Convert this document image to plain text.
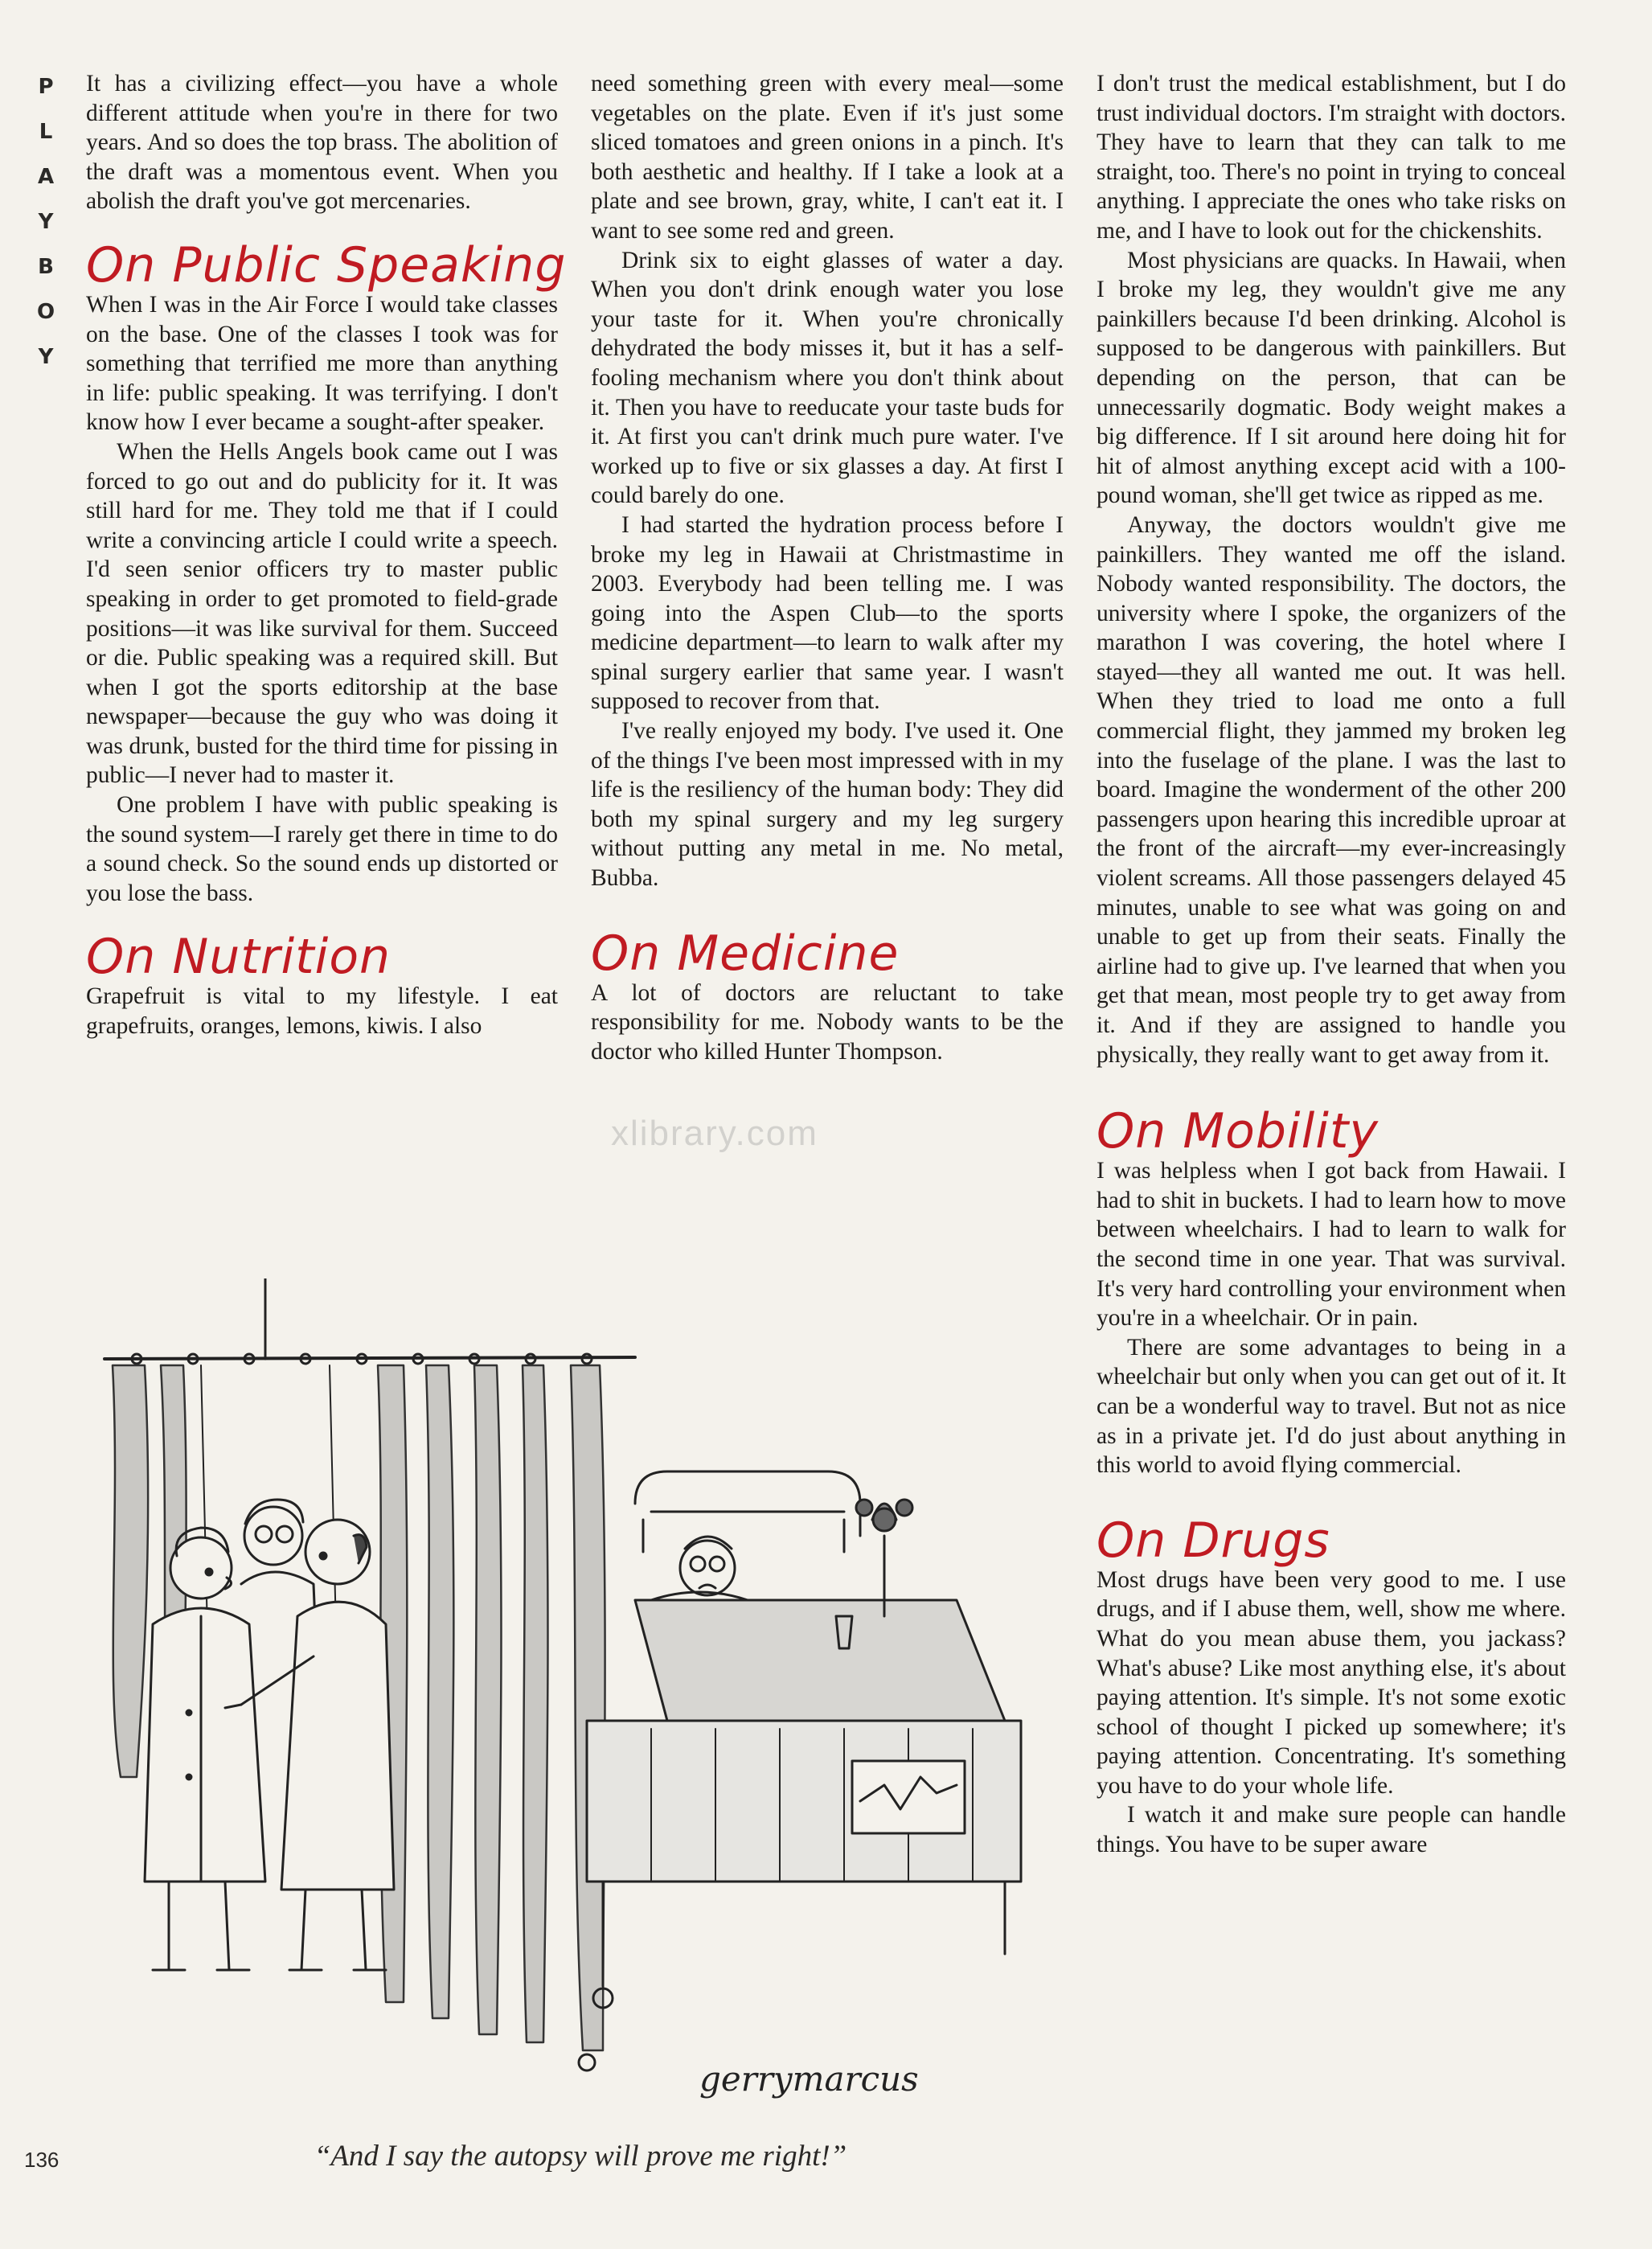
P
L
A
Y
B
O
Y

It has a civilizing effect—you have a whole different attitude when you're in there for two years. And so does the top brass. The abolition of the draft was a momentous event. When you abolish the draft you've got mercenaries.

On Public Speaking

When I was in the Air Force I would take classes on the base. One of the classes I took was for something that terrified me more than anything in life: public speaking. It was terrifying. I don't know how I ever became a sought-after speaker.

When the Hells Angels book came out I was forced to go out and do publicity for it. It was still hard for me. They told me that if I could write a convincing article I could write a speech. I'd seen senior officers try to master public speaking in order to get promoted to field-grade positions—it was like survival for them. Succeed or die. Public speaking was a required skill. But when I got the sports editorship at the base newspaper—because the guy who was doing it was drunk, busted for the third time for pissing in public—I never had to master it.

One problem I have with public speaking is the sound system—I rarely get there in time to do a sound check. So the sound ends up distorted or you lose the bass.

On Nutrition

Grapefruit is vital to my lifestyle. I eat grapefruits, oranges, lemons, kiwis. I also

need something green with every meal—some vegetables on the plate. Even if it's just some sliced tomatoes and green onions in a pinch. It's both aesthetic and healthy. If I take a look at a plate and see brown, gray, white, I can't eat it. I want to see some red and green.

Drink six to eight glasses of water a day. When you don't drink enough water you lose your taste for it. When you're chronically dehydrated the body misses it, but it has a self-fooling mechanism where you don't think about it. Then you have to reeducate your taste buds for it. At first you can't drink much pure water. I've worked up to five or six glasses a day. At first I could barely do one.

I had started the hydration process before I broke my leg in Hawaii at Christmastime in 2003. Everybody had been telling me. I was going into the Aspen Club—to the sports medicine department—to learn to walk after my spinal surgery earlier that same year. I wasn't supposed to recover from that.

I've really enjoyed my body. I've used it. One of the things I've been most impressed with in my life is the resiliency of the human body: They did both my spinal surgery and my leg surgery without putting any metal in me. No metal, Bubba.

On Medicine

A lot of doctors are reluctant to take responsibility for me. Nobody wants to be the doctor who killed Hunter Thompson.

I don't trust the medical establishment, but I do trust individual doctors. I'm straight with doctors. They have to learn that they can talk to me straight, too. There's no point in trying to conceal anything. I appreciate the ones who take risks on me, and I have to look out for the chickenshits.

Most physicians are quacks. In Hawaii, when I broke my leg, they wouldn't give me any painkillers because I'd been drinking. Alcohol is supposed to be dangerous with painkillers. But depending on the person, that can be unnecessarily dogmatic. Body weight makes a big difference. If I sit around here doing hit for hit of almost anything except acid with a 100-pound woman, she'll get twice as ripped as me.

Anyway, the doctors wouldn't give me painkillers. They wanted me off the island. Nobody wanted responsibility. The doctors, the university where I spoke, the organizers of the marathon I was covering, the hotel where I stayed—they all wanted me out. It was hell. When they tried to load me onto a full commercial flight, they jammed my broken leg into the fuselage of the plane. I was the last to board. Imagine the wonderment of the other 200 passengers upon hearing this incredible uproar at the front of the aircraft—my ever-increasingly violent screams. All those passengers delayed 45 minutes, unable to see what was going on and unable to get up from their seats. Finally the airline had to give up. I've learned that when you get that mean, most people try to get away from it. And if they are assigned to handle you physically, they really want to get away from it.

On Mobility

I was helpless when I got back from Hawaii. I had to shit in buckets. I had to learn how to move between wheelchairs. I had to learn to walk for the second time in one year. That was survival. It's very hard controlling your environment when you're in a wheelchair. Or in pain.

There are some advantages to being in a wheelchair but only when you can get out of it. It can be a wonderful way to travel. But not as nice as in a private jet. I'd do just about anything in this world to avoid flying commercial.

On Drugs

Most drugs have been very good to me. I use drugs, and if I abuse them, well, show me where. What do you mean abuse them, you jackass? What's abuse? Like most anything else, it's about paying attention. It's simple. It's not some exotic school of thought I picked up somewhere; it's paying attention. Concentrating. It's something you have to do your whole life.

I watch it and make sure people can handle things. You have to be super aware

xlibrary.com
gerrymarcus
“And I say the autopsy will prove me right!”
136
